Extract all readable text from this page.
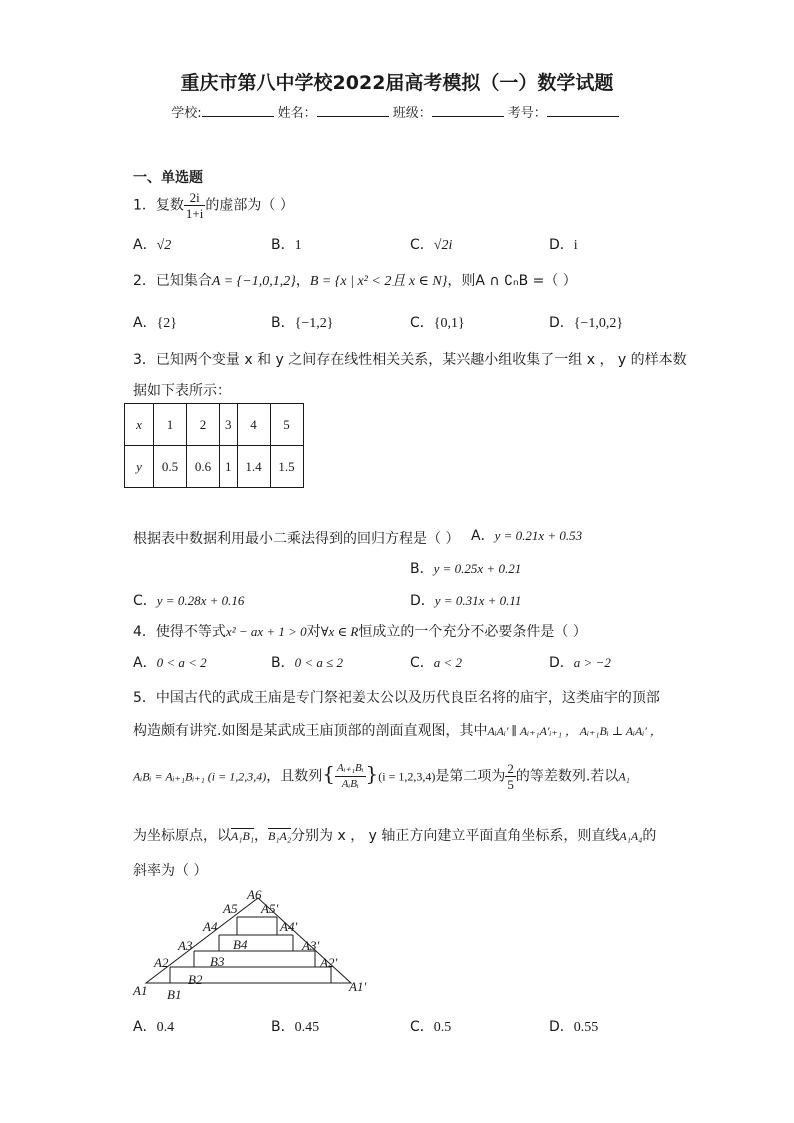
重庆市第八中学校2022届高考模拟（一）数学试题
学校:	姓名：	班级：	考号：
一、单选题
1．复数 $\frac{2i}{1+i}$ 的虚部为（ ）
A．√2	B．1	C．√2i	D．i
2．已知集合A = {−1,0,1,2}，B = {x | x² < 2且 x ∈ N}，则A ∩ ∁ₙB =（ ）
A．{2}	B．{−1,2}	C．{0,1}	D．{−1,0,2}
3．已知两个变量 x 和 y 之间存在线性相关关系，某兴趣小组收集了一组 x ， y 的样本数
据如下表所示：
x	1	2	3	4	5
y	0.5	0.6	1	1.4	1.5
根据表中数据利用最小二乘法得到的回归方程是（ ） A．y = 0.21x + 0.53
B．y = 0.25x + 0.21
C．y = 0.28x + 0.16	D．y = 0.31x + 0.11
4．使得不等式x² − ax + 1 > 0对∀x ∈ R恒成立的一个充分不必要条件是（ ）
A．0 < a < 2	B．0 < a ≤ 2	C．a < 2	D．a > −2
5．中国古代的武成王庙是专门祭祀姜太公以及历代良臣名将的庙宇，这类庙宇的顶部
构造颇有讲究.如图是某武成王庙顶部的剖面直观图，其中AᵢAᵢ′ ∥ Aᵢ₊₁A′ᵢ₊₁ ， Aᵢ₊₁Bᵢ ⊥ AᵢAᵢ′ ，
AᵢBᵢ = Aᵢ₊₁Bᵢ₊₁ (i = 1,2,3,4)，且数列{ $\frac{\text{Aᵢ₊₁Bᵢ}}{\text{AᵢBᵢ}} \}(i = 1,2,3,4)$是第二项为 $\frac{2}{5}$ 的等差数列.若以A₁
为坐标原点，以A₁B₁，B₁A₂分别为 x ， y 轴正方向建立平面直角坐标系，则直线A₁A₄的
斜率为（ ）
A1 B1
A2
B2
A3
B3
A4
B4
A5
A6
A5′
A4′
A3′
A2′
A1′
A．0.4	B．0.45	C．0.5	D．0.55
